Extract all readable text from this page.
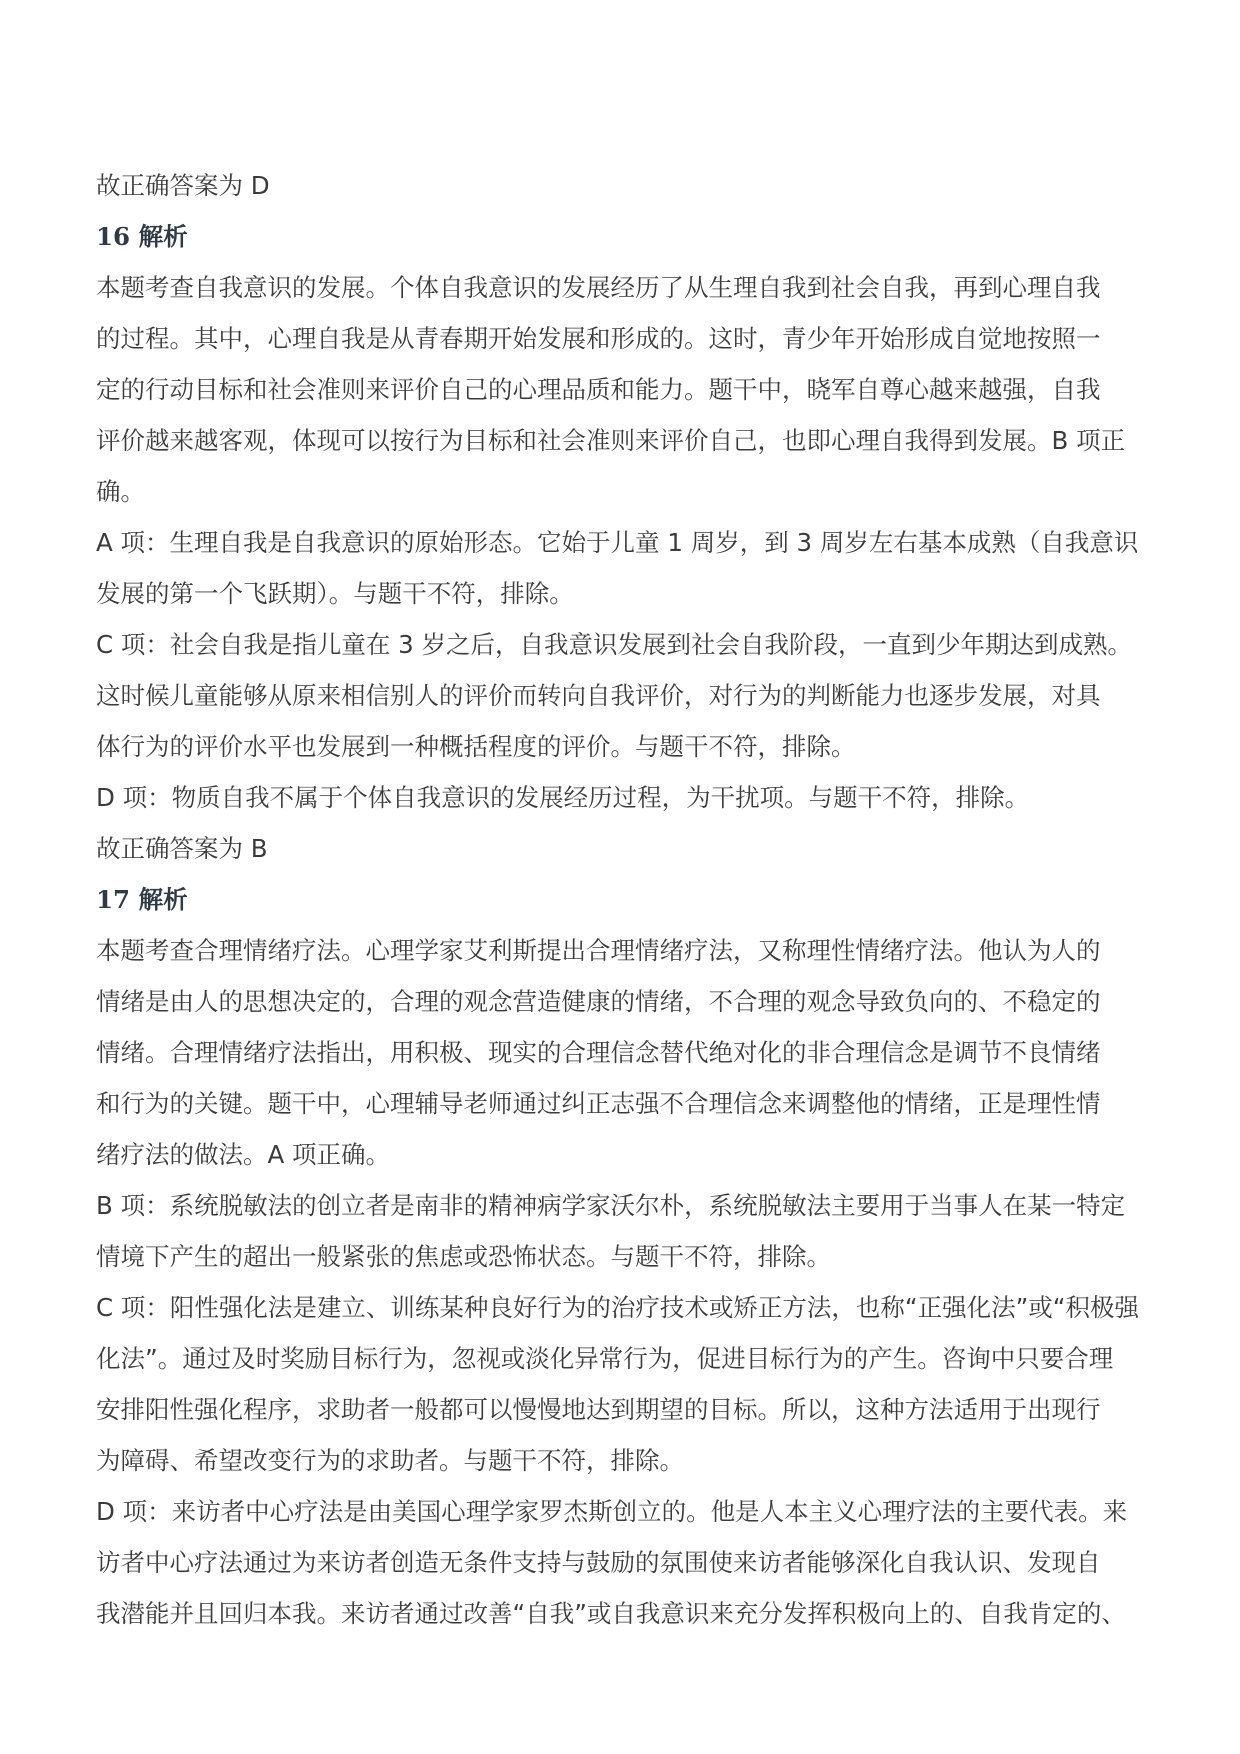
故正确答案为 D
16 解析
本题考查自我意识的发展。个体自我意识的发展经历了从生理自我到社会自我，再到心理自我
的过程。其中，心理自我是从青春期开始发展和形成的。这时，青少年开始形成自觉地按照一
定的行动目标和社会准则来评价自己的心理品质和能力。题干中，晓军自尊心越来越强，自我
评价越来越客观，体现可以按行为目标和社会准则来评价自己，也即心理自我得到发展。B 项正
确。
A 项：生理自我是自我意识的原始形态。它始于儿童 1 周岁，到 3 周岁左右基本成熟（自我意识
发展的第一个飞跃期）。与题干不符，排除。
C 项：社会自我是指儿童在 3 岁之后，自我意识发展到社会自我阶段，一直到少年期达到成熟。
这时候儿童能够从原来相信别人的评价而转向自我评价，对行为的判断能力也逐步发展，对具
体行为的评价水平也发展到一种概括程度的评价。与题干不符，排除。
D 项：物质自我不属于个体自我意识的发展经历过程，为干扰项。与题干不符，排除。
故正确答案为 B
17 解析
本题考查合理情绪疗法。心理学家艾利斯提出合理情绪疗法，又称理性情绪疗法。他认为人的
情绪是由人的思想决定的，合理的观念营造健康的情绪，不合理的观念导致负向的、不稳定的
情绪。合理情绪疗法指出，用积极、现实的合理信念替代绝对化的非合理信念是调节不良情绪
和行为的关键。题干中，心理辅导老师通过纠正志强不合理信念来调整他的情绪，正是理性情
绪疗法的做法。A 项正确。
B 项：系统脱敏法的创立者是南非的精神病学家沃尔朴，系统脱敏法主要用于当事人在某一特定
情境下产生的超出一般紧张的焦虑或恐怖状态。与题干不符，排除。
C 项：阳性强化法是建立、训练某种良好行为的治疗技术或矫正方法，也称“正强化法”或“积极强
化法”。通过及时奖励目标行为，忽视或淡化异常行为，促进目标行为的产生。咨询中只要合理
安排阳性强化程序，求助者一般都可以慢慢地达到期望的目标。所以，这种方法适用于出现行
为障碍、希望改变行为的求助者。与题干不符，排除。
D 项：来访者中心疗法是由美国心理学家罗杰斯创立的。他是人本主义心理疗法的主要代表。来
访者中心疗法通过为来访者创造无条件支持与鼓励的氛围使来访者能够深化自我认识、发现自
我潜能并且回归本我。来访者通过改善“自我”或自我意识来充分发挥积极向上的、自我肯定的、
